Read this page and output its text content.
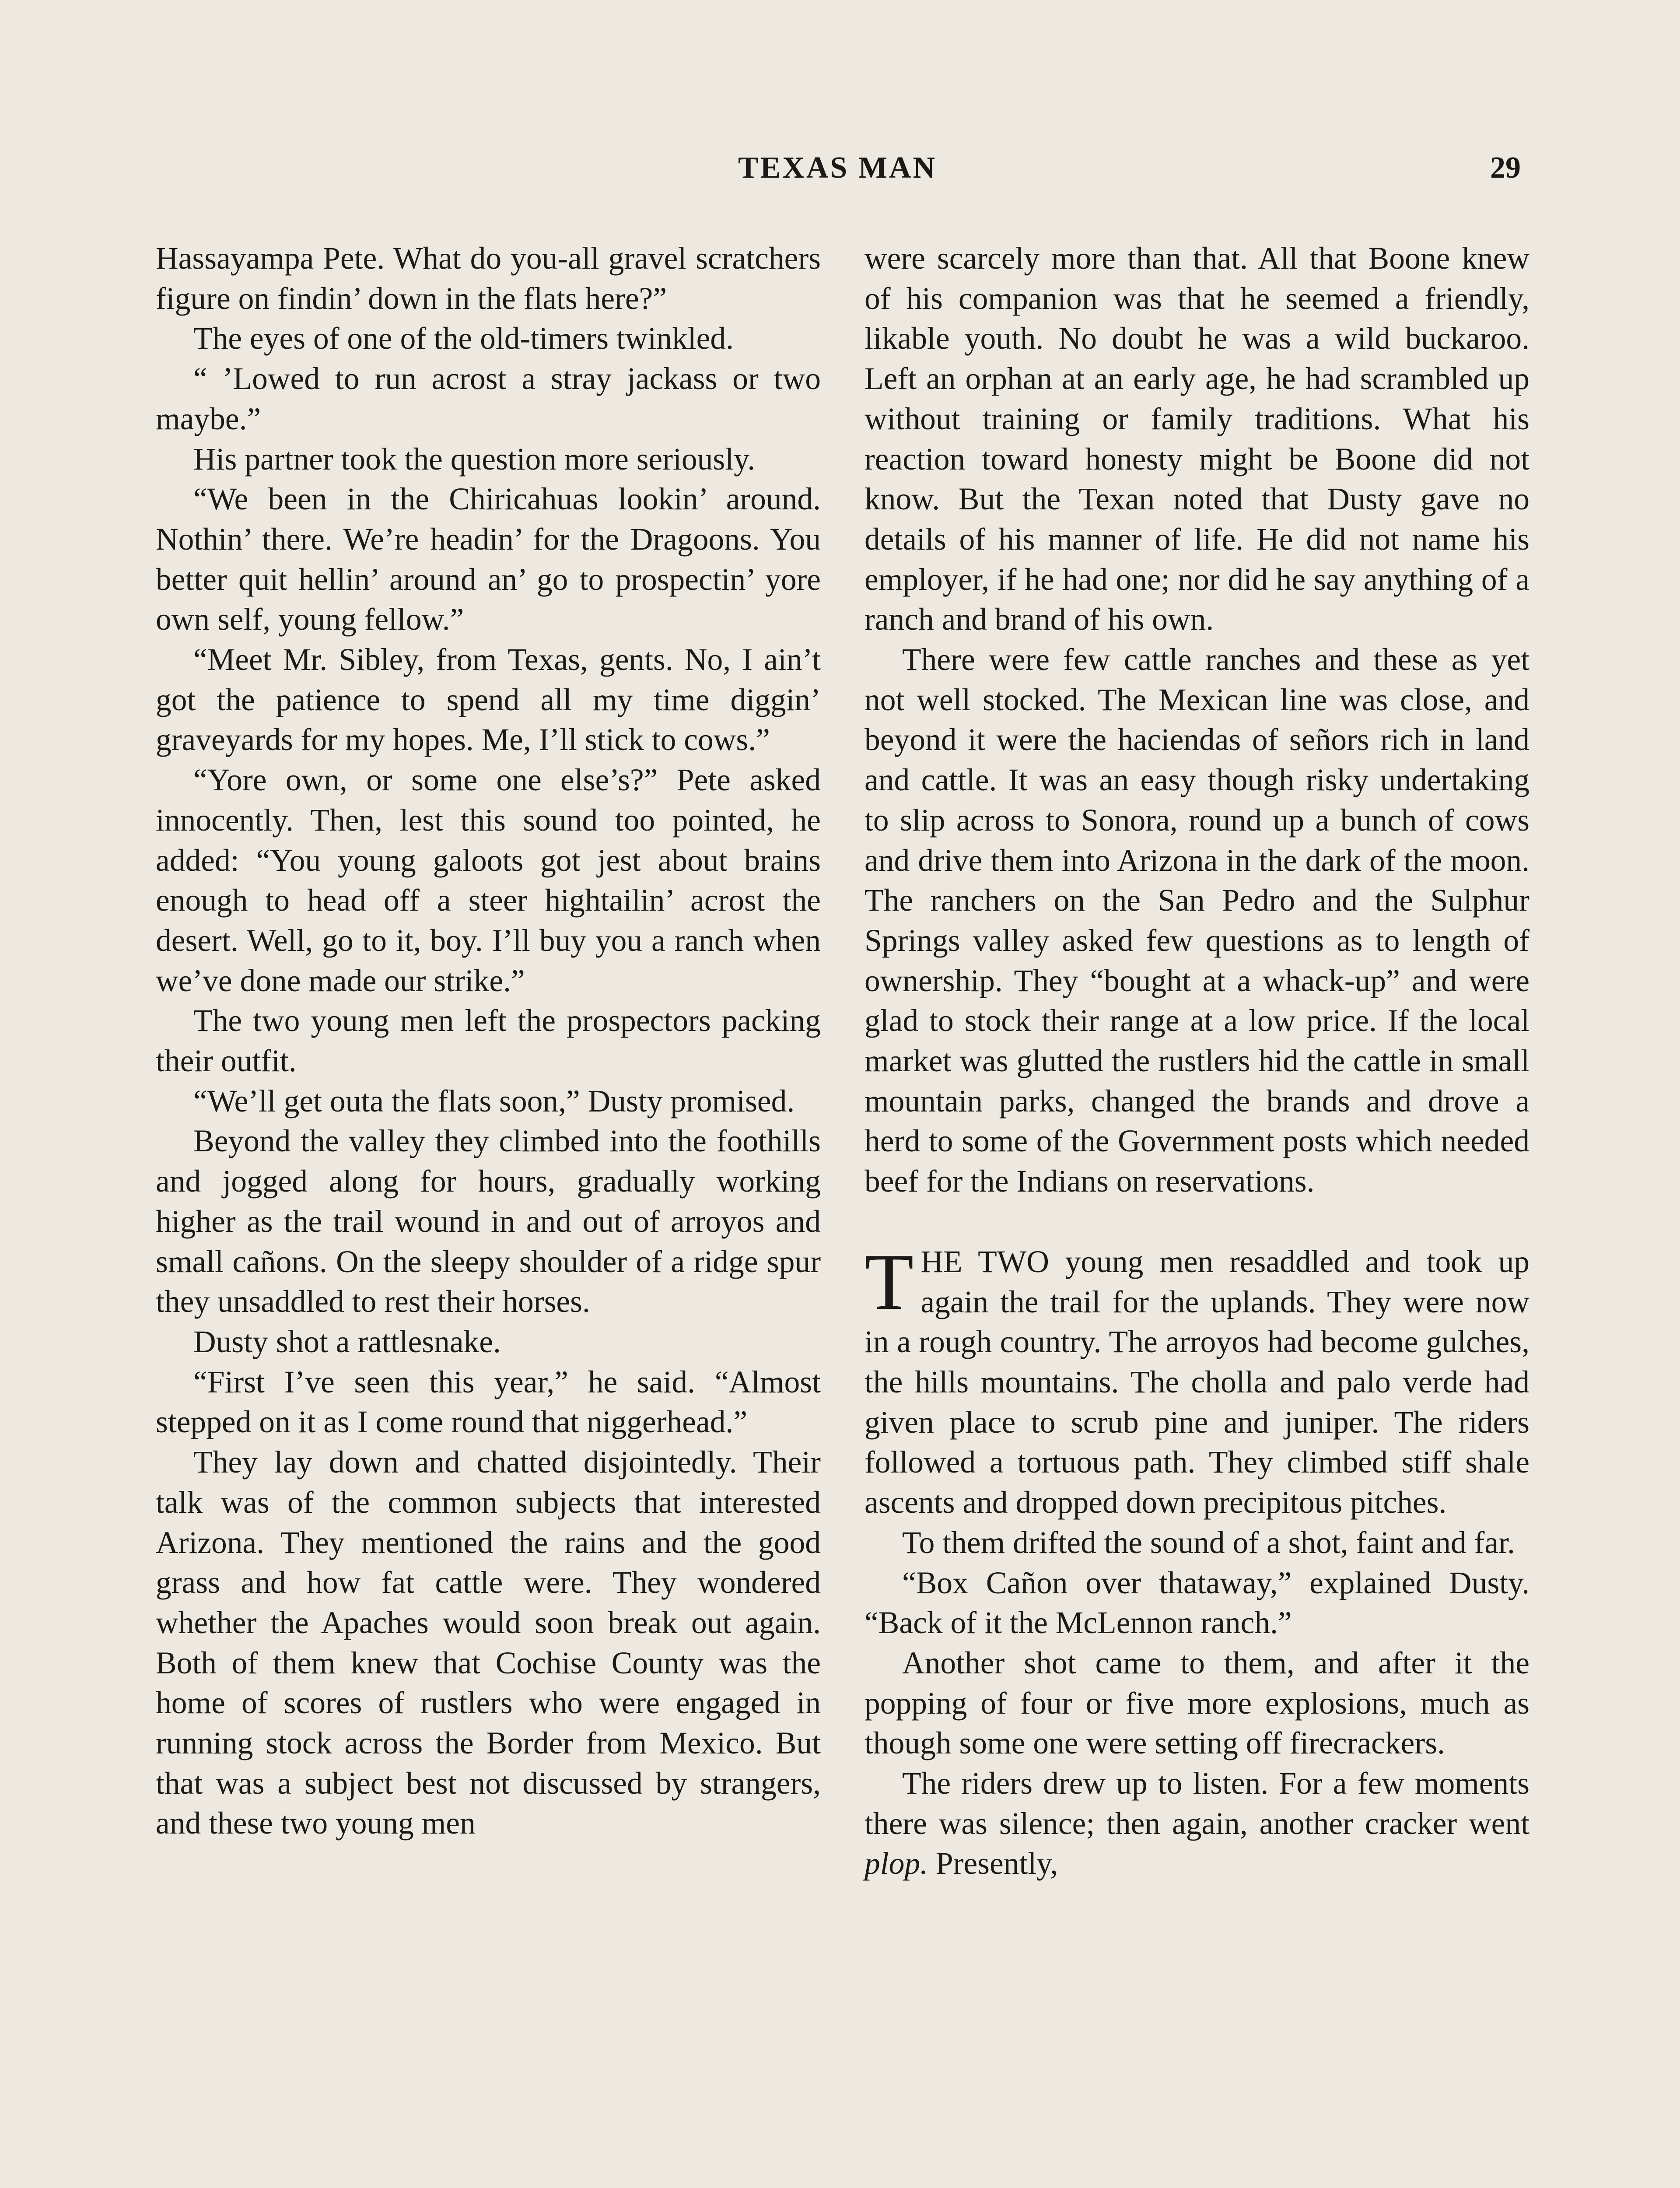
TEXAS MAN	29

Hassayampa Pete. What do you-all gravel scratchers figure on findin’ down in the flats here?”

The eyes of one of the old-timers twinkled.

“ ’Lowed to run acrost a stray jackass or two maybe.”

His partner took the question more seriously.

“We been in the Chiricahuas lookin’ around. Nothin’ there. We’re headin’ for the Dragoons. You better quit hellin’ around an’ go to prospectin’ yore own self, young fellow.”

“Meet Mr. Sibley, from Texas, gents. No, I ain’t got the patience to spend all my time diggin’ graveyards for my hopes. Me, I’ll stick to cows.”

“Yore own, or some one else’s?” Pete asked innocently. Then, lest this sound too pointed, he added: “You young galoots got jest about brains enough to head off a steer hightailin’ acrost the desert. Well, go to it, boy. I’ll buy you a ranch when we’ve done made our strike.”

The two young men left the prospectors packing their outfit.

“We’ll get outa the flats soon,” Dusty promised.

Beyond the valley they climbed into the foothills and jogged along for hours, gradually working higher as the trail wound in and out of arroyos and small cañons. On the sleepy shoulder of a ridge spur they unsaddled to rest their horses.

Dusty shot a rattlesnake.

“First I’ve seen this year,” he said. “Almost stepped on it as I come round that niggerhead.”

They lay down and chatted disjointedly. Their talk was of the common subjects that interested Arizona. They mentioned the rains and the good grass and how fat cattle were. They wondered whether the Apaches would soon break out again. Both of them knew that Cochise County was the home of scores of rustlers who were engaged in running stock across the Border from Mexico. But that was a subject best not discussed by strangers, and these two young men

were scarcely more than that. All that Boone knew of his companion was that he seemed a friendly, likable youth. No doubt he was a wild buckaroo. Left an orphan at an early age, he had scrambled up without training or family traditions. What his reaction toward honesty might be Boone did not know. But the Texan noted that Dusty gave no details of his manner of life. He did not name his employer, if he had one; nor did he say anything of a ranch and brand of his own.

There were few cattle ranches and these as yet not well stocked. The Mexican line was close, and beyond it were the haciendas of señors rich in land and cattle. It was an easy though risky undertaking to slip across to Sonora, round up a bunch of cows and drive them into Arizona in the dark of the moon. The ranchers on the San Pedro and the Sulphur Springs valley asked few questions as to length of ownership. They “bought at a whack-up” and were glad to stock their range at a low price. If the local market was glutted the rustlers hid the cattle in small mountain parks, changed the brands and drove a herd to some of the Government posts which needed beef for the Indians on reservations.

THE TWO young men resaddled and took up again the trail for the uplands. They were now in a rough country. The arroyos had become gulches, the hills mountains. The cholla and palo verde had given place to scrub pine and juniper. The riders followed a tortuous path. They climbed stiff shale ascents and dropped down precipitous pitches.

To them drifted the sound of a shot, faint and far.

“Box Cañon over thataway,” explained Dusty. “Back of it the McLennon ranch.”

Another shot came to them, and after it the popping of four or five more explosions, much as though some one were setting off firecrackers.

The riders drew up to listen. For a few moments there was silence; then again, another cracker went plop. Presently,
